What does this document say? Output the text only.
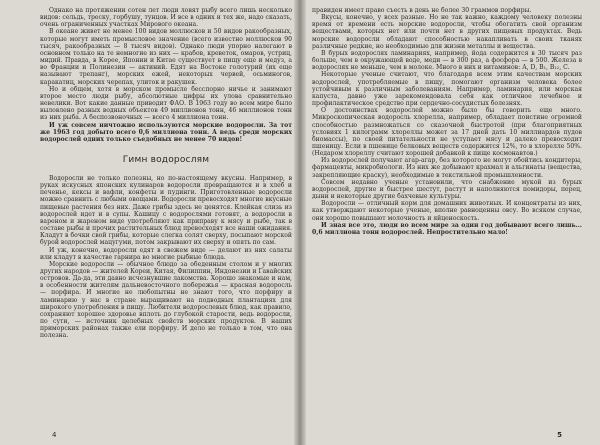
Однако на протяжении сотен лет люди ловят рыбу всего лишь несколько видов: сельдь, треску, горбушу, тунцов. И все в одних и тех же, надо сказать, очень ограниченных участках Мирового океана.

В океане живет не менее 100 видов моллюсков и 50 видов ракообразных, которые могут иметь промысловое значение (всего известно моллюсков 90 тысяч, ракообразных — 8 тысяч видов). Однако люди упорно налегают в основном только на те немногие из них — крабов, креветок, омаров, устриц, мидий. Правда, в Корее, Японии и Китае существует в пищу еще и медуз, а во Франции и Полинезии — актиний. Едят на Востоке голотурий (их еще называют трепанг), морских ежей, некоторых червей, осьминогов, каракатиц, морских черепах, улиток и ракушек.

Но и общем, хотя в морском промысле бесспорно ничье и занимают второе место люди рыбу, абсолютные цифры их улова сравнительно невелики. Вот какие данные приводит ФАО. В 1963 году во всем мире было выловлено разных водных объектов 49 миллионов тонн, 46 миллионов тонн из них рыба. А беспозвоночных — всего 4 миллиона тонн.

И уж совсем ничтожно используются морские водоросли. За тот же 1963 год добыто всего 0,6 миллиона тонн. А ведь среди морских водорослей одних только съедобных не менее 70 видов!

Гимн водорослям

Водоросли не только полезны, но по-настоящему вкусны. Например, в руках искусных японских кулинаров водоросли превращаются и в хлеб и печенье, кексы и вафли, конфеты и пудинги. Приготовленные водоросли можно сравнить с любыми овощами. Водоросли превосходят многие вкусные пищевые растения без них. Даже грибы здесь не ценятся. Клейкая слизь из водорослей идет и в супы. Кашицу с водорослями готовят, а водоросли в вареном и жареном виде употребляют как приправу к мясу и рыбе, так в составе рыбы и прочих растительных блюд превосходят все наши ожидания. Кладут в бочки свой грибы, которые слегка солят сверху, посыпают морской бурой водорослей мацугуми, потом закрывают их сверху и опять по сам.

И уж, конечно, водоросли едят в свежем виде — делают из них салаты или кладут в качестве гарнира во многие рыбные блюда.

Морские водоросли — обычное блюдо за обеденным столом и у многих других народов — жителей Кореи, Китая, Филиппин, Индонезии и Гавайских островов. Да-да, эти давно исчезнувшие лакомства. Хорошо знакомые и нам, в особенности жителям дальневосточного побережья — красная водоросль — порфира. И многие не любопытны не знают того, что порфиру и ламинарию у нас в стране выращивают на подводных плантациях для широкого употребления в пищу. Любители водорослевых блюд, как правило, сохраняют хорошее здоровье вплоть до глубокой старости, ведь водоросли, по сути, — источник целебных свойств морских продуктов. В наших приморских районах также ели порфиру. И дело не только в том, что она полезна.

4

правиден имеет право съесть в день не более 30 граммов порфиры.

Вкусы, конечно, у всех разные. Но не так важно, каждому человеку полезны время от времени есть морские водоросли, чтобы обогатить свой организм веществами, которых нет или почти нет в других пищевых продуктах. Ведь морские водоросли обладают способностью накапливать в своих тканях различные редкие, но необходимые для жизни металлы и вещества.

В бурых водорослях ламинариях, например, йода содержится в 30 тысяч раз больше, чем в окружающей воде, меди — в 300 раз, а фосфора — в 500. Железа в водорослях не меньше, чем в молоке. Много в них и витаминов: А, D, B₁, B₁₂, C.

Некоторые ученые считают, что благодаря всем этим качествам морских водорослей, употребляемые в пищу, помогают организм человека более устойчивым к различным заболеваниям. Например, ламинария, или морская капуста, давно уже зарекомендовала себя как отличное лечебное и профилактическое средство при сердечно-сосудистых болезнях.

О достоинствах водорослей можно было бы говорить еще много. Микроскопическая водоросль хлорелла, например, обладает поистине огромной способностью размножаться со сказочной быстротой (при благоприятных условиях 1 килограмм хлореллы может за 17 дней дать 10 миллиардов пудов биомассы), по своей питательности не уступает мясу и далеко превосходит пшеницу. Если в пшенице белковых веществ содержится 12%, то в хлорелле 50%. (Недаром хлореллу считают хорошей добавкой к пище космонавтов.)

Из водорослей получают агар-агар, без которого не могут обойтись кондитеры, фармацевты, микробиологи. Из них же добывают крахмал и альгинаты (вещества, закрепляющие краску), необходимые в текстильной промышленности.

Совсем недавно ученые установили, что снабжение мукой из бурых водорослей, другие и быстрее шестут, растут и наполняются помидоры, перец, дыни и некоторые другие бахчевые культуры.

Водоросли — отличный корм для домашних животных. И концентраты из них, как утверждают некоторые ученые, вполне равноценны овсу. Во всяком случае, они хорошо повышают молочность и яйценоскость.

И зная все это, люди во всем мире за один год добывают всего лишь... 0,6 миллиона тонн водорослей. Непростительно мало!

5
